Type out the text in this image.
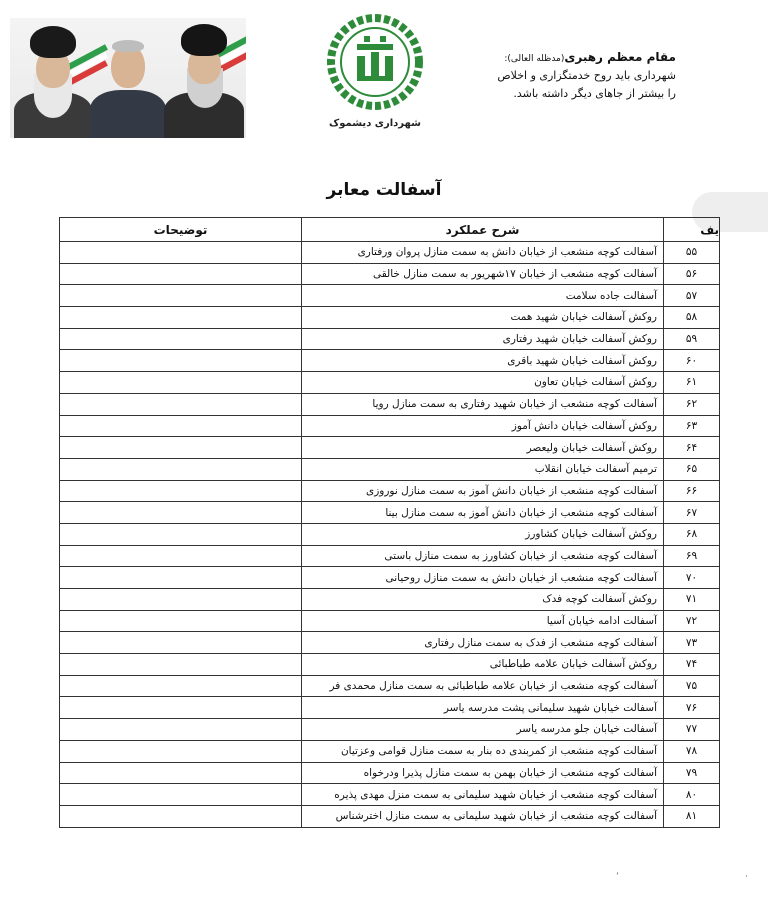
شهرداری دیشموک
مقام معظم رهبری(مدظله العالی):
شهرداری باید روح خدمتگزاری و اخلاص
را بیشتر از جاهای دیگر داشته باشد.
آسفالت معابر
یف	شرح عملکرد	توضیحات
۵۵	آسفالت کوچه منشعب از خیابان دانش به سمت منازل پروان ورفتاری	
۵۶	آسفالت کوچه منشعب از خیابان ۱۷شهریور به سمت منازل خالقی	
۵۷	آسفالت جاده سلامت	
۵۸	روکش آسفالت خیابان شهید همت	
۵۹	روکش آسفالت خیابان شهید رفتاری	
۶۰	روکش آسفالت خیابان شهید باقری	
۶۱	روکش آسفالت خیابان تعاون	
۶۲	آسفالت کوچه منشعب از خیابان شهید رفتاری به سمت منازل رویا	
۶۳	روکش آسفالت خیابان دانش آموز	
۶۴	روکش آسفالت خیابان ولیعصر	
۶۵	ترمیم آسفالت خیابان انقلاب	
۶۶	آسفالت کوچه منشعب از خیابان دانش آموز به سمت منازل نوروزی	
۶۷	آسفالت کوچه منشعب از خیابان دانش آموز به سمت منازل بینا	
۶۸	روکش آسفالت خیابان کشاورز	
۶۹	آسفالت کوچه منشعب از خیابان کشاورز به سمت منازل باستی	
۷۰	آسفالت کوچه منشعب از خیابان دانش به سمت منازل روحیانی	
۷۱	روکش آسفالت کوچه فدک	
۷۲	آسفالت ادامه خیابان آسیا	
۷۳	آسفالت کوچه منشعب از فدک به سمت منازل رفتاری	
۷۴	روکش آسفالت خیابان علامه طباطبائی	
۷۵	آسفالت کوچه منشعب از خیابان علامه طباطبائی به سمت منازل محمدی فر	
۷۶	آسفالت خیابان شهید سلیمانی پشت مدرسه یاسر	
۷۷	آسفالت خیابان جلو مدرسه یاسر	
۷۸	آسفالت کوچه منشعب از کمربندی ده بنار به سمت منازل قوامی وعزتیان	
۷۹	آسفالت کوچه منشعب از خیابان بهمن به سمت منازل پذیرا ودرخواه	
۸۰	آسفالت کوچه منشعب از خیابان شهید سلیمانی به سمت منزل مهدی پذیره	
۸۱	آسفالت کوچه منشعب از خیابان شهید سلیمانی به سمت منازل اخترشناس	
’	·
